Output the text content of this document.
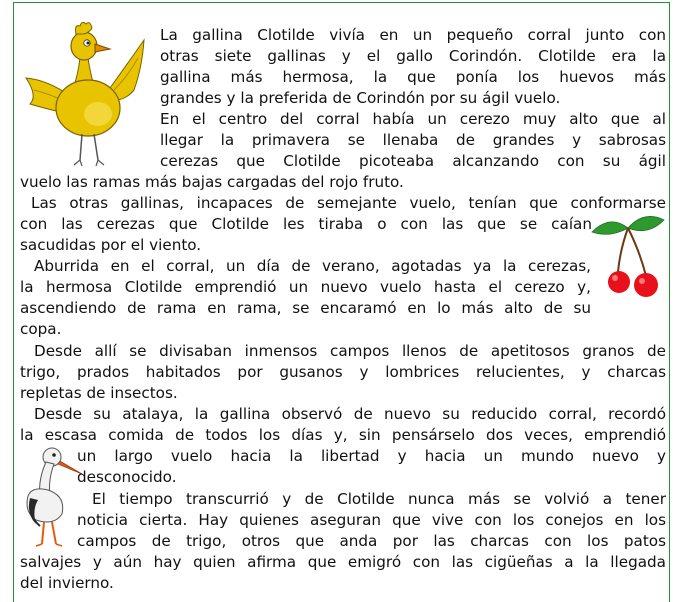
La gallina Clotilde vivía en un pequeño corral junto con

otras siete gallinas y el gallo Corindón. Clotilde era la

gallina más hermosa, la que ponía los huevos más

grandes y la preferida de Corindón por su ágil vuelo.

En el centro del corral había un cerezo muy alto que al

llegar la primavera se llenaba de grandes y sabrosas

cerezas que Clotilde picoteaba alcanzando con su ágil

vuelo las ramas más bajas cargadas del rojo fruto.

Las otras gallinas, incapaces de semejante vuelo, tenían que conformarse

con las cerezas que Clotilde les tiraba o con las que se caían

sacudidas por el viento.

Aburrida en el corral, un día de verano, agotadas ya la cerezas,

la hermosa Clotilde emprendió un nuevo vuelo hasta el cerezo y,

ascendiendo de rama en rama, se encaramó en lo más alto de su

copa.

Desde allí se divisaban inmensos campos llenos de apetitosos granos de

trigo, prados habitados por gusanos y lombrices relucientes, y charcas

repletas de insectos.

Desde su atalaya, la gallina observó de nuevo su reducido corral, recordó

la escasa comida de todos los días y, sin pensárselo dos veces, emprendió

un largo vuelo hacia la libertad y hacia un mundo nuevo y

desconocido.

El tiempo transcurrió y de Clotilde nunca más se volvió a tener

noticia cierta. Hay quienes aseguran que vive con los conejos en los

campos de trigo, otros que anda por las charcas con los patos

salvajes y aún hay quien afirma que emigró con las cigüeñas a la llegada

del invierno.
